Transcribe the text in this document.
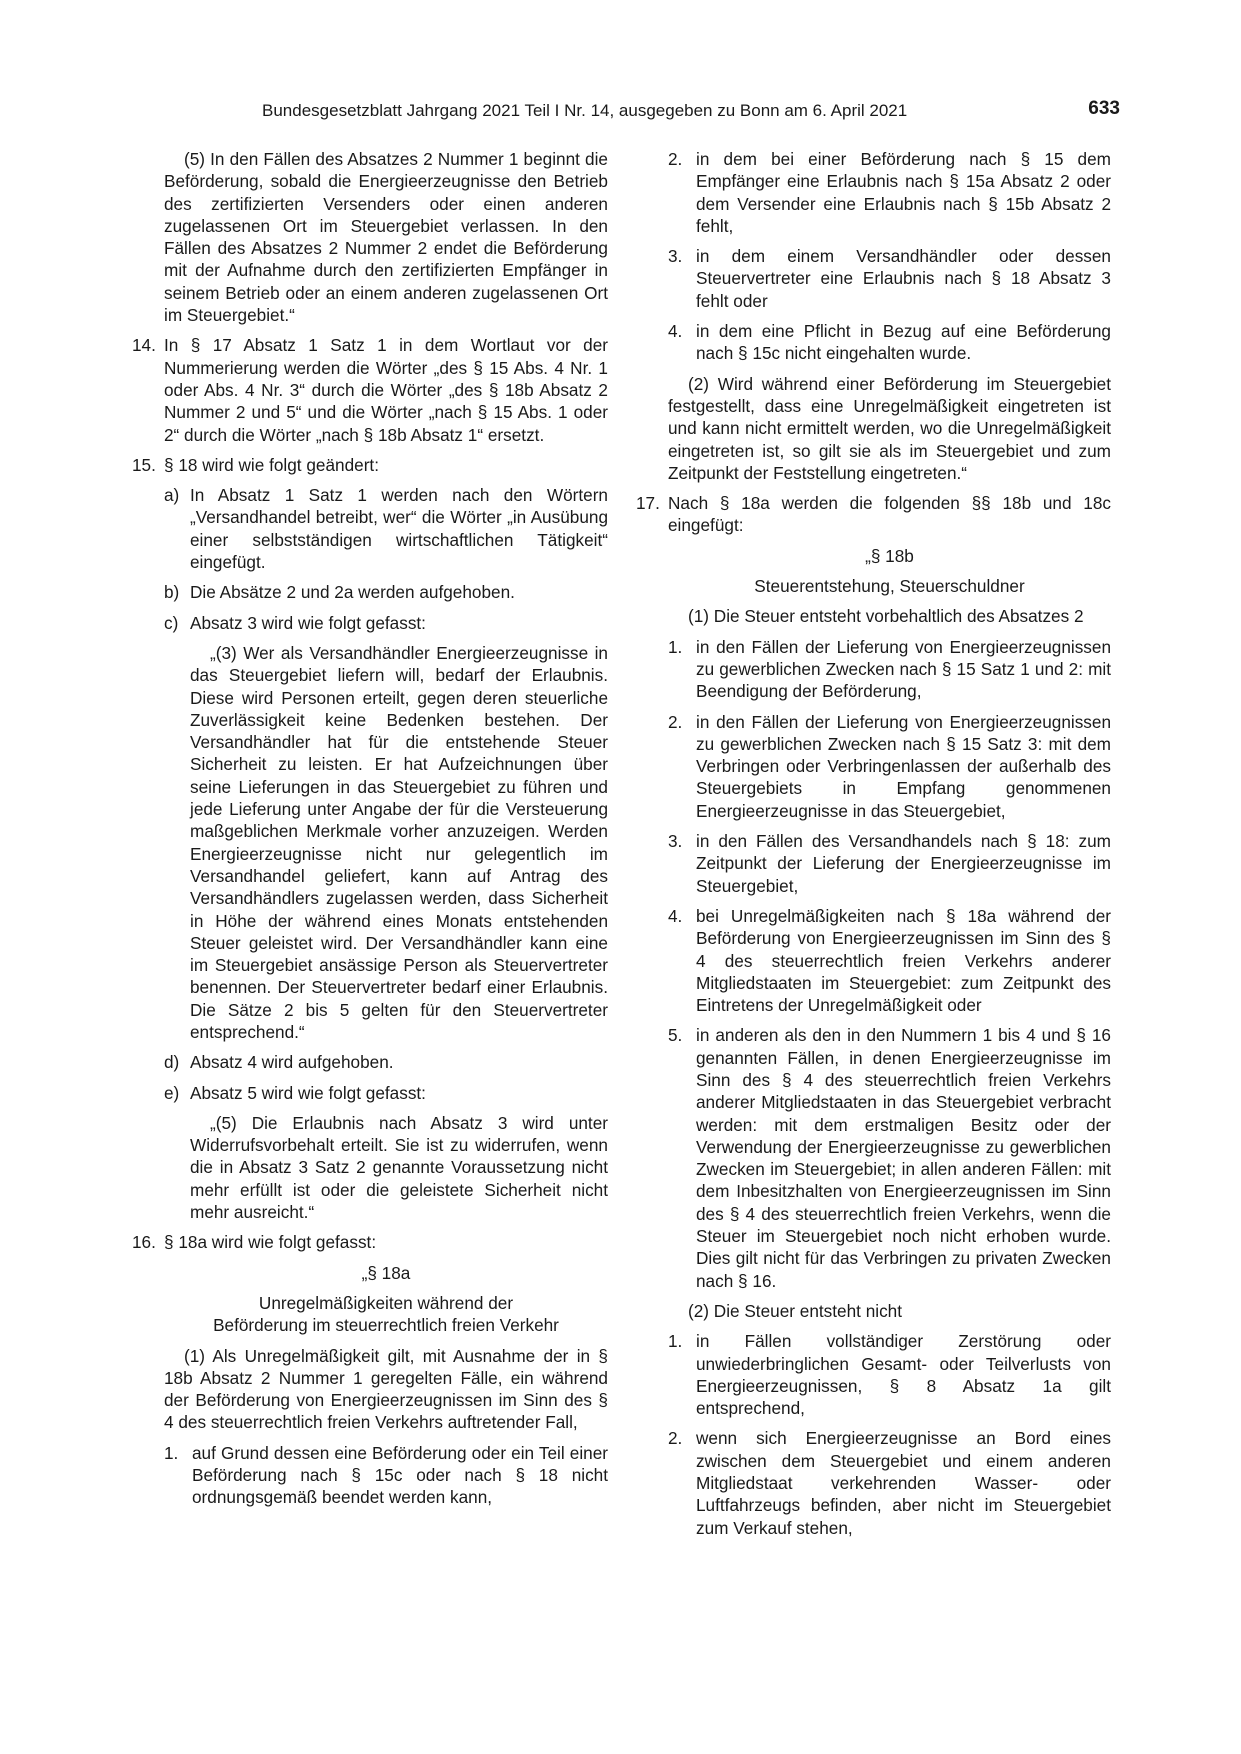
Bundesgesetzblatt Jahrgang 2021 Teil I Nr. 14, ausgegeben zu Bonn am 6. April 2021	633

(5) In den Fällen des Absatzes 2 Nummer 1 beginnt die Beförderung, sobald die Energieerzeugnisse den Betrieb des zertifizierten Versenders oder einen anderen zugelassenen Ort im Steuergebiet verlassen. In den Fällen des Absatzes 2 Nummer 2 endet die Beförderung mit der Aufnahme durch den zertifizierten Empfänger in seinem Betrieb oder an einem anderen zugelassenen Ort im Steuergebiet.“

14. In § 17 Absatz 1 Satz 1 in dem Wortlaut vor der Nummerierung werden die Wörter „des § 15 Abs. 4 Nr. 1 oder Abs. 4 Nr. 3“ durch die Wörter „des § 18b Absatz 2 Nummer 2 und 5“ und die Wörter „nach § 15 Abs. 1 oder 2“ durch die Wörter „nach § 18b Absatz 1“ ersetzt.
15. § 18 wird wie folgt geändert:
a) In Absatz 1 Satz 1 werden nach den Wörtern „Versandhandel betreibt, wer“ die Wörter „in Ausübung einer selbstständigen wirtschaftlichen Tätigkeit“ eingefügt.
b) Die Absätze 2 und 2a werden aufgehoben.
c) Absatz 3 wird wie folgt gefasst:
„(3) Wer als Versandhändler Energieerzeugnisse in das Steuergebiet liefern will, bedarf der Erlaubnis. Diese wird Personen erteilt, gegen deren steuerliche Zuverlässigkeit keine Bedenken bestehen. Der Versandhändler hat für die entstehende Steuer Sicherheit zu leisten. Er hat Aufzeichnungen über seine Lieferungen in das Steuergebiet zu führen und jede Lieferung unter Angabe der für die Versteuerung maßgeblichen Merkmale vorher anzuzeigen. Werden Energieerzeugnisse nicht nur gelegentlich im Versandhandel geliefert, kann auf Antrag des Versandhändlers zugelassen werden, dass Sicherheit in Höhe der während eines Monats entstehenden Steuer geleistet wird. Der Versandhändler kann eine im Steuergebiet ansässige Person als Steuervertreter benennen. Der Steuervertreter bedarf einer Erlaubnis. Die Sätze 2 bis 5 gelten für den Steuervertreter entsprechend.“
d) Absatz 4 wird aufgehoben.
e) Absatz 5 wird wie folgt gefasst:
„(5) Die Erlaubnis nach Absatz 3 wird unter Widerrufsvorbehalt erteilt. Sie ist zu widerrufen, wenn die in Absatz 3 Satz 2 genannte Voraussetzung nicht mehr erfüllt ist oder die geleistete Sicherheit nicht mehr ausreicht.“
16. § 18a wird wie folgt gefasst:

„§ 18a

Unregelmäßigkeiten während der

Beförderung im steuerrechtlich freien Verkehr

(1) Als Unregelmäßigkeit gilt, mit Ausnahme der in § 18b Absatz 2 Nummer 1 geregelten Fälle, ein während der Beförderung von Energieerzeugnissen im Sinn des § 4 des steuerrechtlich freien Verkehrs auftretender Fall,

1. auf Grund dessen eine Beförderung oder ein Teil einer Beförderung nach § 15c oder nach § 18 nicht ordnungsgemäß beendet werden kann,
2. in dem bei einer Beförderung nach § 15 dem Empfänger eine Erlaubnis nach § 15a Absatz 2 oder dem Versender eine Erlaubnis nach § 15b Absatz 2 fehlt,
3. in dem einem Versandhändler oder dessen Steuervertreter eine Erlaubnis nach § 18 Absatz 3 fehlt oder
4. in dem eine Pflicht in Bezug auf eine Beförderung nach § 15c nicht eingehalten wurde.

(2) Wird während einer Beförderung im Steuergebiet festgestellt, dass eine Unregelmäßigkeit eingetreten ist und kann nicht ermittelt werden, wo die Unregelmäßigkeit eingetreten ist, so gilt sie als im Steuergebiet und zum Zeitpunkt der Feststellung eingetreten.“

17. Nach § 18a werden die folgenden §§ 18b und 18c eingefügt:

„§ 18b

Steuerentstehung, Steuerschuldner

(1) Die Steuer entsteht vorbehaltlich des Absatzes 2

1. in den Fällen der Lieferung von Energieerzeugnissen zu gewerblichen Zwecken nach § 15 Satz 1 und 2: mit Beendigung der Beförderung,
2. in den Fällen der Lieferung von Energieerzeugnissen zu gewerblichen Zwecken nach § 15 Satz 3: mit dem Verbringen oder Verbringenlassen der außerhalb des Steuergebiets in Empfang genommenen Energieerzeugnisse in das Steuergebiet,
3. in den Fällen des Versandhandels nach § 18: zum Zeitpunkt der Lieferung der Energieerzeugnisse im Steuergebiet,
4. bei Unregelmäßigkeiten nach § 18a während der Beförderung von Energieerzeugnissen im Sinn des § 4 des steuerrechtlich freien Verkehrs anderer Mitgliedstaaten im Steuergebiet: zum Zeitpunkt des Eintretens der Unregelmäßigkeit oder
5. in anderen als den in den Nummern 1 bis 4 und § 16 genannten Fällen, in denen Energieerzeugnisse im Sinn des § 4 des steuerrechtlich freien Verkehrs anderer Mitgliedstaaten in das Steuergebiet verbracht werden: mit dem erstmaligen Besitz oder der Verwendung der Energieerzeugnisse zu gewerblichen Zwecken im Steuergebiet; in allen anderen Fällen: mit dem Inbesitzhalten von Energieerzeugnissen im Sinn des § 4 des steuerrechtlich freien Verkehrs, wenn die Steuer im Steuergebiet noch nicht erhoben wurde. Dies gilt nicht für das Verbringen zu privaten Zwecken nach § 16.

(2) Die Steuer entsteht nicht

1. in Fällen vollständiger Zerstörung oder unwiederbringlichen Gesamt- oder Teilverlusts von Energieerzeugnissen, § 8 Absatz 1a gilt entsprechend,
2. wenn sich Energieerzeugnisse an Bord eines zwischen dem Steuergebiet und einem anderen Mitgliedstaat verkehrenden Wasser- oder Luftfahrzeugs befinden, aber nicht im Steuergebiet zum Verkauf stehen,
